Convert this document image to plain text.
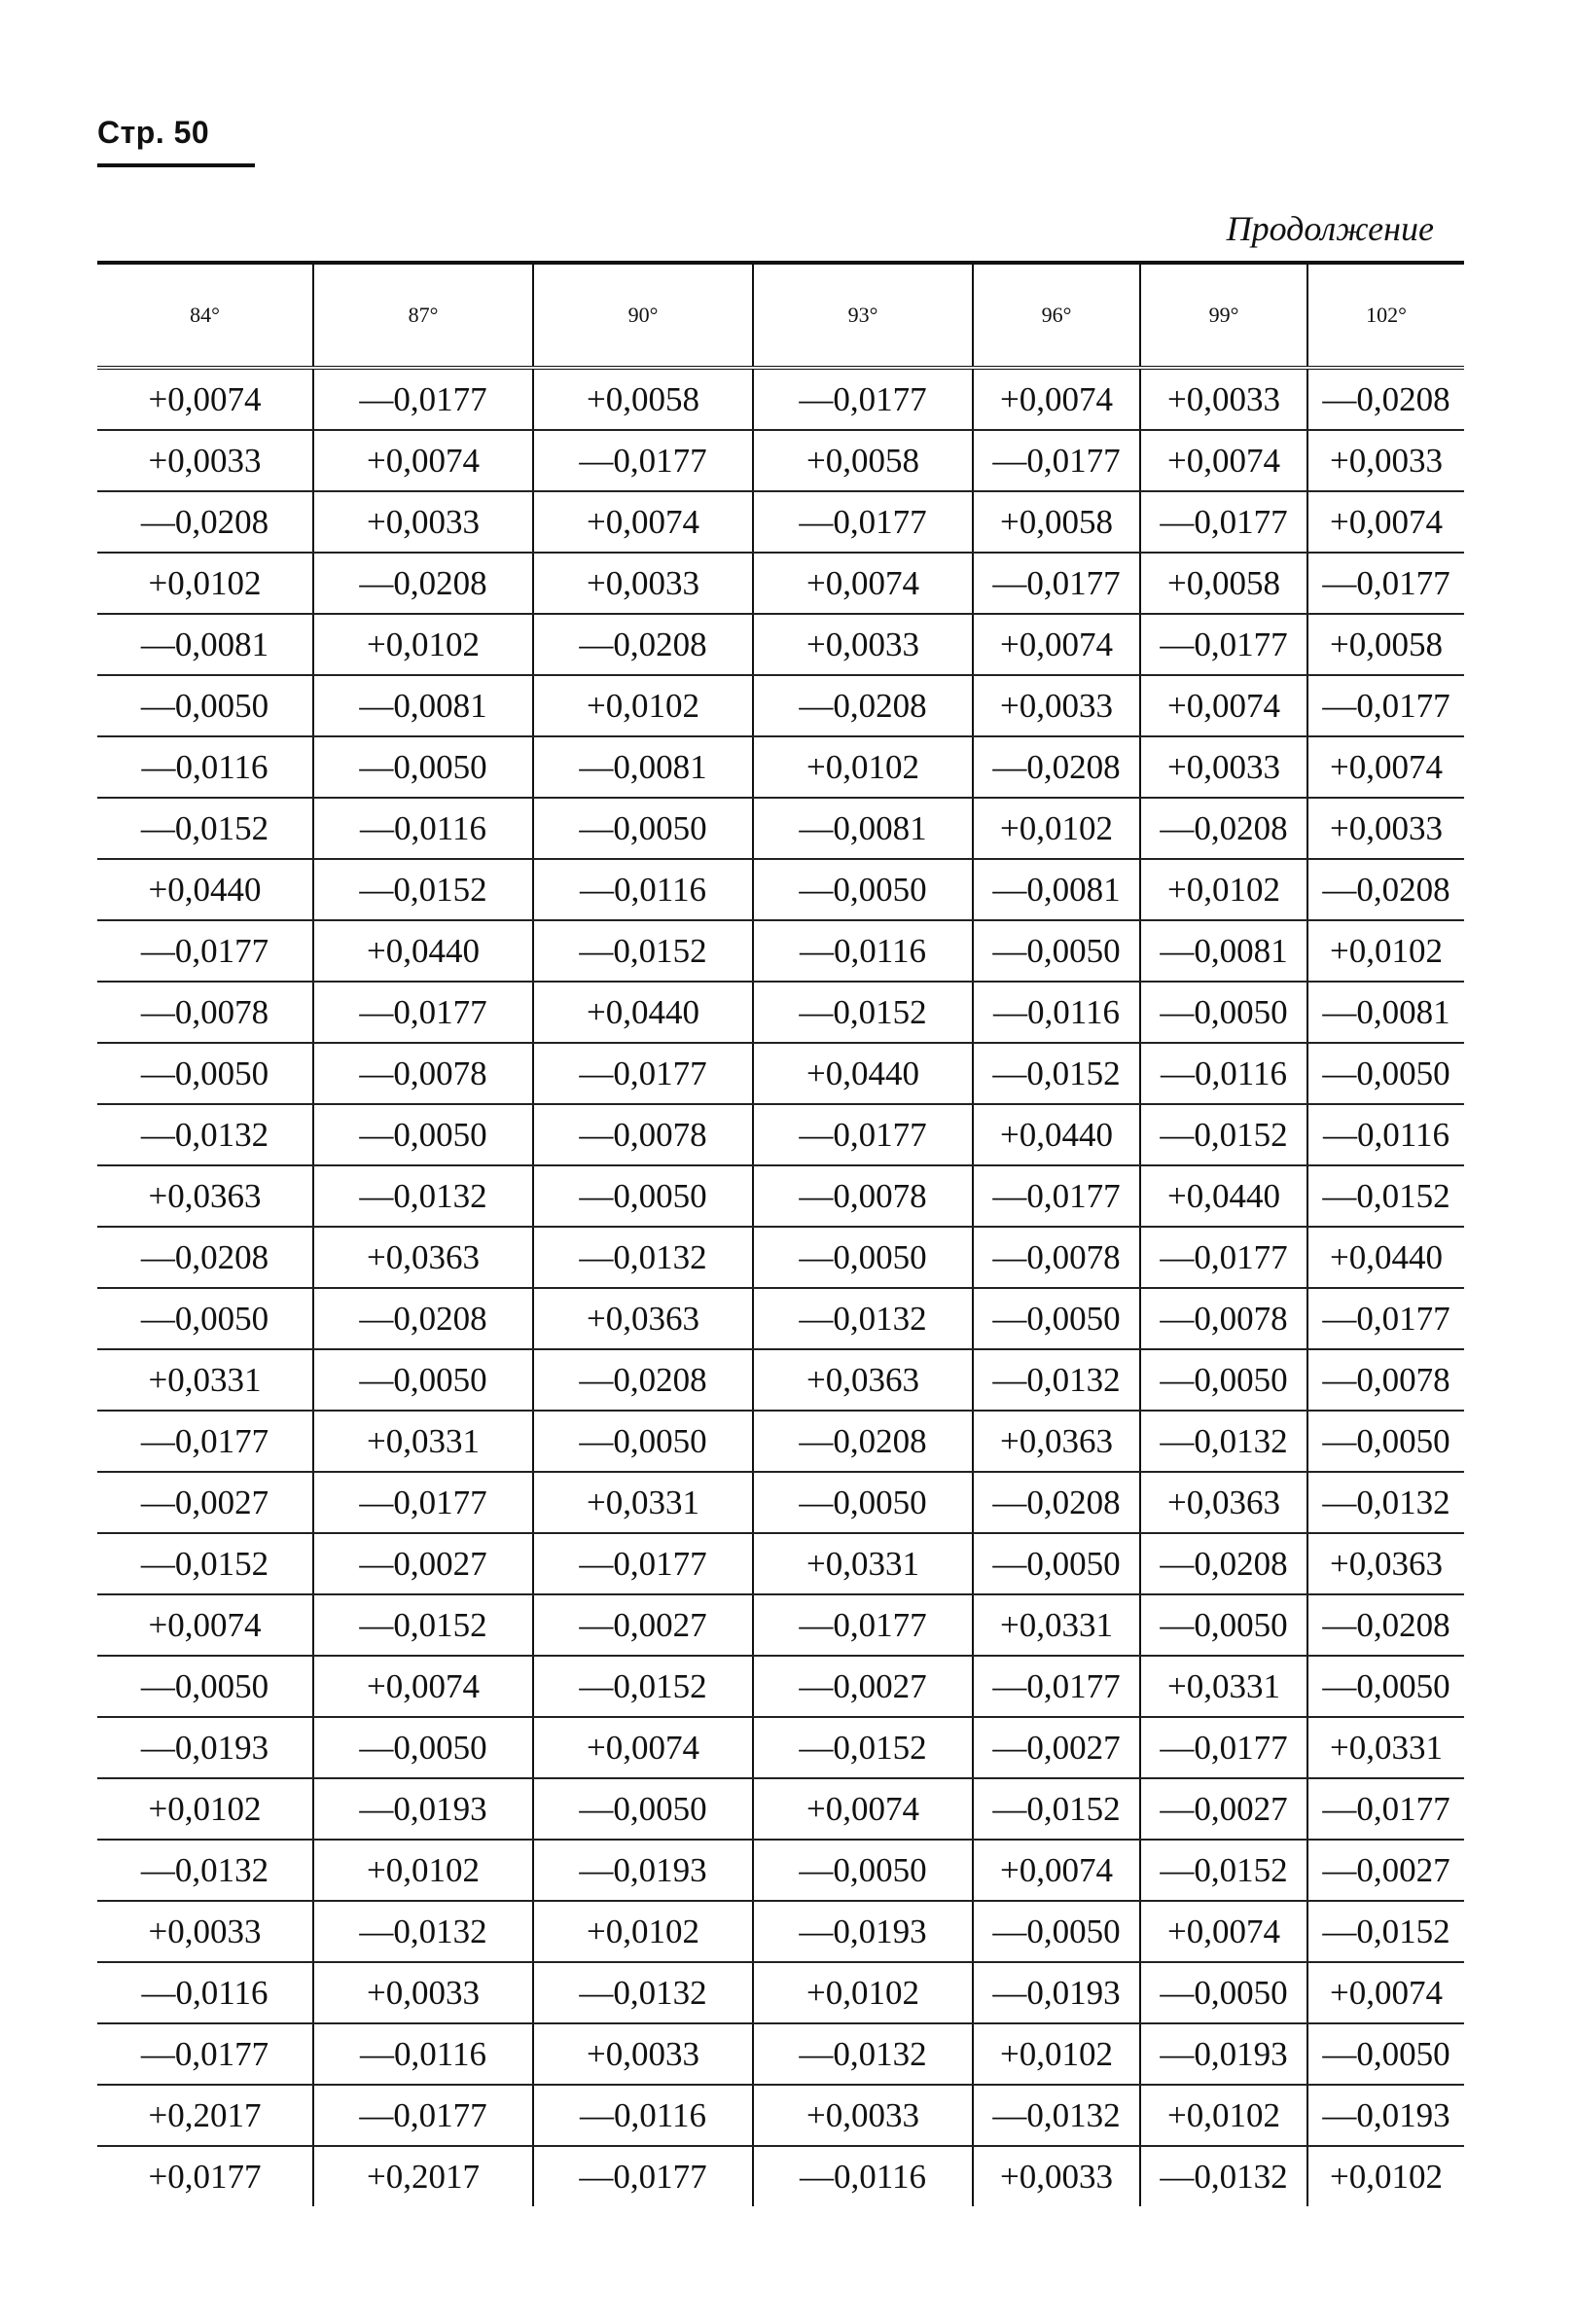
Стр. 50
Продолжение
84°	87°	90°	93°	96°	99°	102°
+0,0074	—0,0177	+0,0058	—0,0177	+0,0074	+0,0033	—0,0208
+0,0033	+0,0074	—0,0177	+0,0058	—0,0177	+0,0074	+0,0033
—0,0208	+0,0033	+0,0074	—0,0177	+0,0058	—0,0177	+0,0074
+0,0102	—0,0208	+0,0033	+0,0074	—0,0177	+0,0058	—0,0177
—0,0081	+0,0102	—0,0208	+0,0033	+0,0074	—0,0177	+0,0058
—0,0050	—0,0081	+0,0102	—0,0208	+0,0033	+0,0074	—0,0177
—0,0116	—0,0050	—0,0081	+0,0102	—0,0208	+0,0033	+0,0074
—0,0152	—0,0116	—0,0050	—0,0081	+0,0102	—0,0208	+0,0033
+0,0440	—0,0152	—0,0116	—0,0050	—0,0081	+0,0102	—0,0208
—0,0177	+0,0440	—0,0152	—0,0116	—0,0050	—0,0081	+0,0102
—0,0078	—0,0177	+0,0440	—0,0152	—0,0116	—0,0050	—0,0081
—0,0050	—0,0078	—0,0177	+0,0440	—0,0152	—0,0116	—0,0050
—0,0132	—0,0050	—0,0078	—0,0177	+0,0440	—0,0152	—0,0116
+0,0363	—0,0132	—0,0050	—0,0078	—0,0177	+0,0440	—0,0152
—0,0208	+0,0363	—0,0132	—0,0050	—0,0078	—0,0177	+0,0440
—0,0050	—0,0208	+0,0363	—0,0132	—0,0050	—0,0078	—0,0177
+0,0331	—0,0050	—0,0208	+0,0363	—0,0132	—0,0050	—0,0078
—0,0177	+0,0331	—0,0050	—0,0208	+0,0363	—0,0132	—0,0050
—0,0027	—0,0177	+0,0331	—0,0050	—0,0208	+0,0363	—0,0132
—0,0152	—0,0027	—0,0177	+0,0331	—0,0050	—0,0208	+0,0363
+0,0074	—0,0152	—0,0027	—0,0177	+0,0331	—0,0050	—0,0208
—0,0050	+0,0074	—0,0152	—0,0027	—0,0177	+0,0331	—0,0050
—0,0193	—0,0050	+0,0074	—0,0152	—0,0027	—0,0177	+0,0331
+0,0102	—0,0193	—0,0050	+0,0074	—0,0152	—0,0027	—0,0177
—0,0132	+0,0102	—0,0193	—0,0050	+0,0074	—0,0152	—0,0027
+0,0033	—0,0132	+0,0102	—0,0193	—0,0050	+0,0074	—0,0152
—0,0116	+0,0033	—0,0132	+0,0102	—0,0193	—0,0050	+0,0074
—0,0177	—0,0116	+0,0033	—0,0132	+0,0102	—0,0193	—0,0050
+0,2017	—0,0177	—0,0116	+0,0033	—0,0132	+0,0102	—0,0193
+0,0177	+0,2017	—0,0177	—0,0116	+0,0033	—0,0132	+0,0102
